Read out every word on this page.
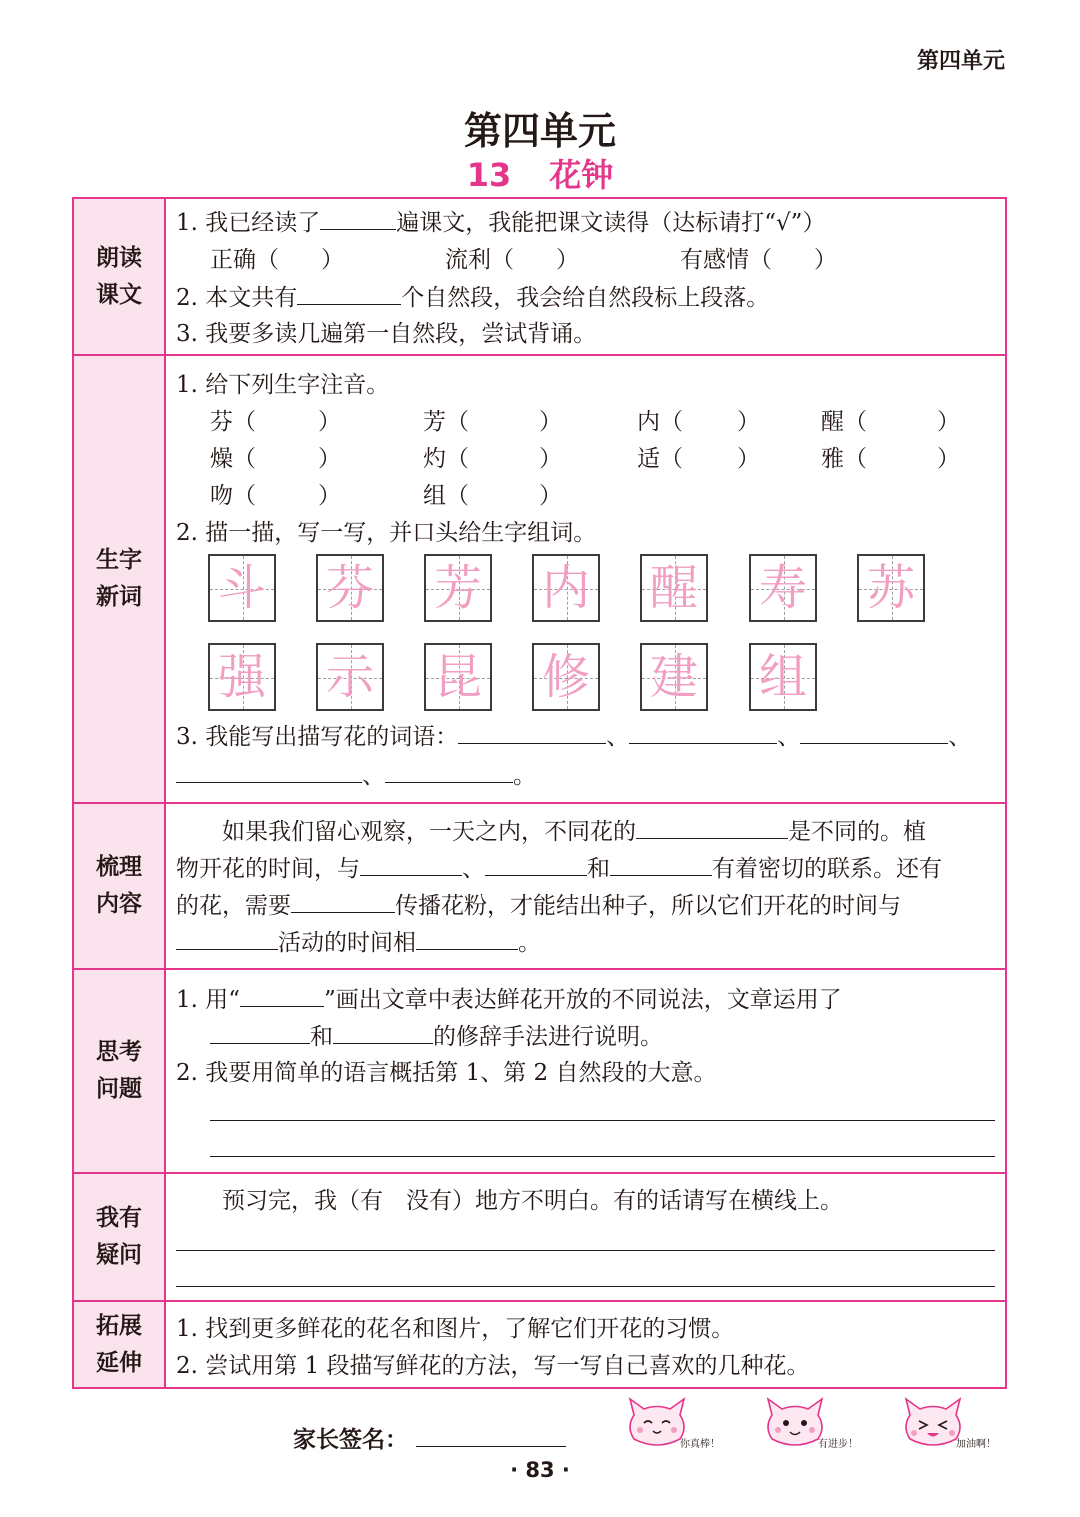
第四单元
第四单元
13 花钟
朗读
课文
1. 我已经读了	遍课文，我能把课文读得（达标请打“√”）
正确（ ）	流利（ ）	有感情（ ）
2. 本文共有	个自然段，我会给自然段标上段落。
3. 我要多读几遍第一自然段，尝试背诵。
生字
新词
1. 给下列生字注音。
芬（	）	芳（	）	内（ ）	醒（	）
燥（	）	灼（	）	适（ ）	雅（	）
吻（	）	组（	）
2. 描一描，写一写，并口头给生字组词。
斗 芬 芳 内 醒 寿 苏
强 示 昆 修 建 组
3. 我能写出描写花的词语：	、	、	、
、	。
梳理
内容
如果我们留心观察，一天之内，不同花的	是不同的。植
物开花的时间，与	、	和	有着密切的联系。还有
的花，需要	传播花粉，才能结出种子，所以它们开花的时间与
活动的时间相	。
思考
问题
1. 用“	”画出文章中表达鲜花开放的不同说法，文章运用了
和	的修辞手法进行说明。
2. 我要用简单的语言概括第 1、第 2 自然段的大意。
我有
疑问
预习完，我（有　没有）地方不明白。有的话请写在横线上。
拓展
延伸
1. 找到更多鲜花的花名和图片，了解它们开花的习惯。
2. 尝试用第 1 段描写鲜花的方法，写一写自己喜欢的几种花。
家长签名：	你真棒！	有进步！	加油啊！
· 83 ·
